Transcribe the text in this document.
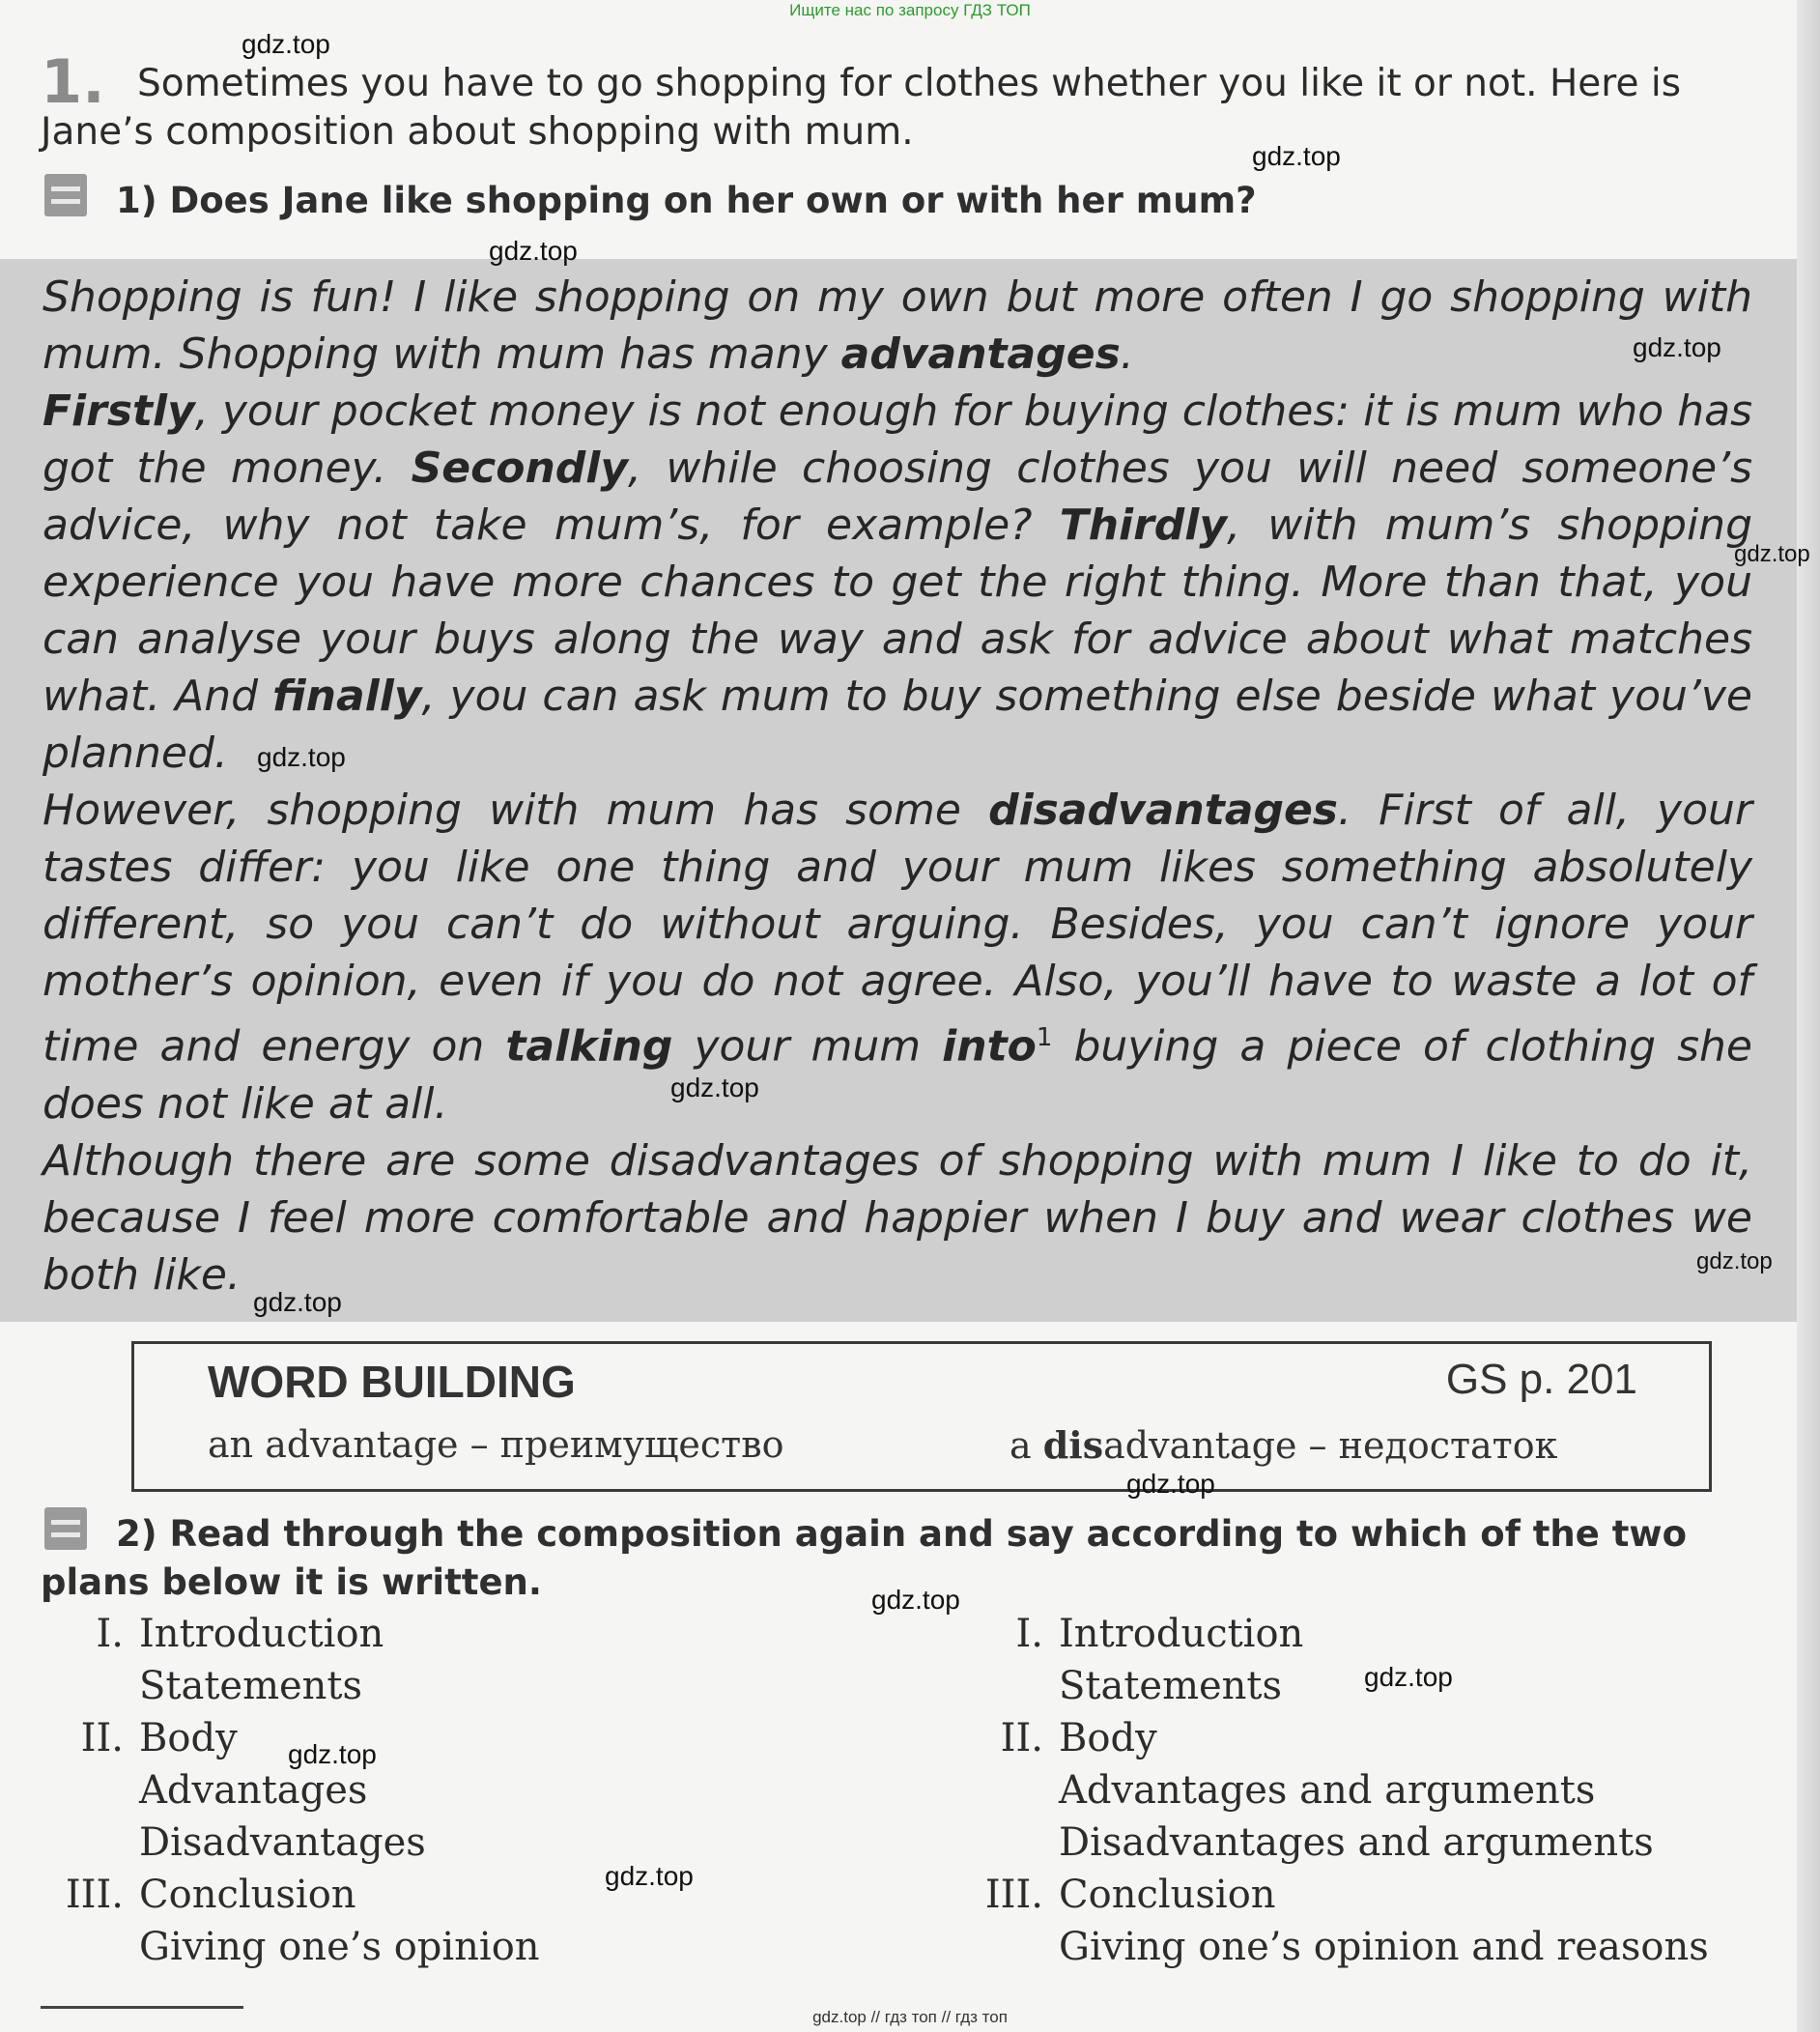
Ищите нас по запросу ГДЗ ТОП
1. Sometimes you have to go shopping for clothes whether you like it or not. Here is
Jane’s composition about shopping with mum.
1) Does Jane like shopping on her own or with her mum?

Shopping is fun! I like shopping on my own but more often I go shopping with mum. Shopping with mum has many advantages.

Firstly, your pocket money is not enough for buying clothes: it is mum who has got the money. Secondly, while choosing clothes you will need someone’s advice, why not take mum’s, for example? Thirdly, with mum’s shopping experience you have more chances to get the right thing. More than that, you can analyse your buys along the way and ask for advice about what matches what. And finally, you can ask mum to buy something else beside what you’ve planned.

However, shopping with mum has some disadvantages. First of all, your tastes differ: you like one thing and your mum likes something absolutely different, so you can’t do without arguing. Besides, you can’t ignore your mother’s opinion, even if you do not agree. Also, you’ll have to waste a lot of time and energy on talking your mum into$^1$ buying a piece of clothing she does not like at all.

Although there are some disadvantages of shopping with mum I like to do it, because I feel more comfortable and happier when I buy and wear clothes we both like.

WORD BUILDING	GS p. 201
an advantage – преимущество	a disadvantage – недостаток
2) Read through the composition again and say according to which of the two
plans below it is written.
I. Introduction
Statements
II. Body
Advantages
Disadvantages
III. Conclusion
Giving one’s opinion
I. Introduction
Statements
II. Body
Advantages and arguments
Disadvantages and arguments
III. Conclusion
Giving one’s opinion and reasons
gdz.top
gdz.top
gdz.top
gdz.top
gdz.top
gdz.top
gdz.top
gdz.top
gdz.top
gdz.top
gdz.top
gdz.top
gdz.top
gdz.top
gdz.top // гдз топ // гдз топ
